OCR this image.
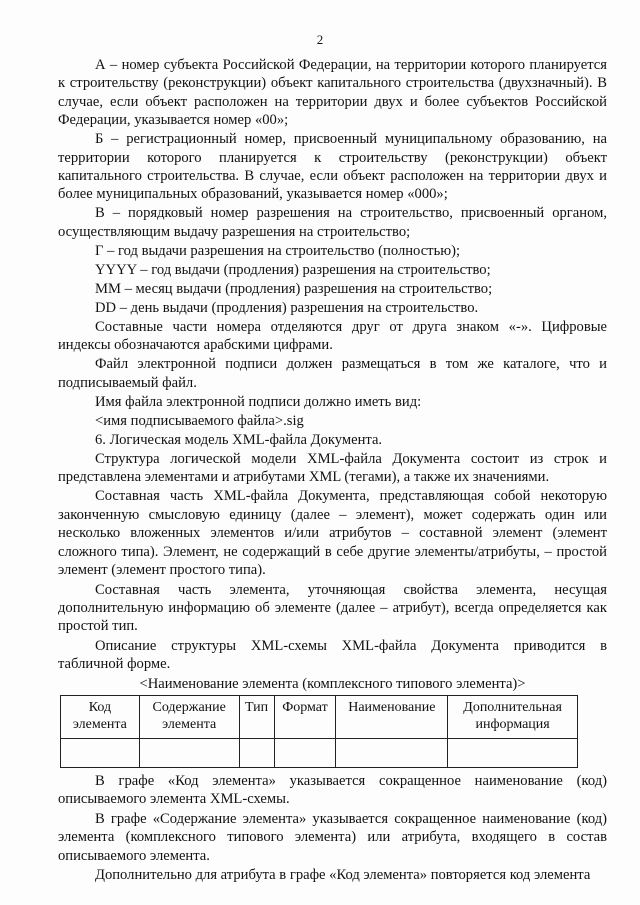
2

А – номер субъекта Российской Федерации, на территории которого планируется к строительству (реконструкции) объект капитального строительства (двухзначный). В случае, если объект расположен на территории двух и более субъектов Российской Федерации, указывается номер «00»;

Б – регистрационный номер, присвоенный муниципальному образованию, на территории которого планируется к строительству (реконструкции) объект капитального строительства. В случае, если объект расположен на территории двух и более муниципальных образований, указывается номер «000»;

В – порядковый номер разрешения на строительство, присвоенный органом, осуществляющим выдачу разрешения на строительство;

Г – год выдачи разрешения на строительство (полностью);

YYYY – год выдачи (продления) разрешения на строительство;

ММ – месяц выдачи (продления) разрешения на строительство;

DD – день выдачи (продления) разрешения на строительство.

Составные части номера отделяются друг от друга знаком «-». Цифровые индексы обозначаются арабскими цифрами.

Файл электронной подписи должен размещаться в том же каталоге, что и подписываемый файл.

Имя файла электронной подписи должно иметь вид:

<имя подписываемого файла>.sig

6. Логическая модель XML-файла Документа.

Структура логической модели XML-файла Документа состоит из строк и представлена элементами и атрибутами XML (тегами), а также их значениями.

Составная часть XML-файла Документа, представляющая собой некоторую законченную смысловую единицу (далее – элемент), может содержать один или несколько вложенных элементов и/или атрибутов – составной элемент (элемент сложного типа). Элемент, не содержащий в себе другие элементы/атрибуты, – простой элемент (элемент простого типа).

Составная часть элемента, уточняющая свойства элемента, несущая дополнительную информацию об элементе (далее – атрибут), всегда определяется как простой тип.

Описание структуры XML-схемы XML-файла Документа приводится в табличной форме.

<Наименование элемента (комплексного типового элемента)>
Код элемента	Содержание элемента	Тип	Формат	Наименование	Дополнительная информация

В графе «Код элемента» указывается сокращенное наименование (код) описываемого элемента XML-схемы.

В графе «Содержание элемента» указывается сокращенное наименование (код) элемента (комплексного типового элемента) или атрибута, входящего в состав описываемого элемента.

Дополнительно для атрибута в графе «Код элемента» повторяется код элемента
